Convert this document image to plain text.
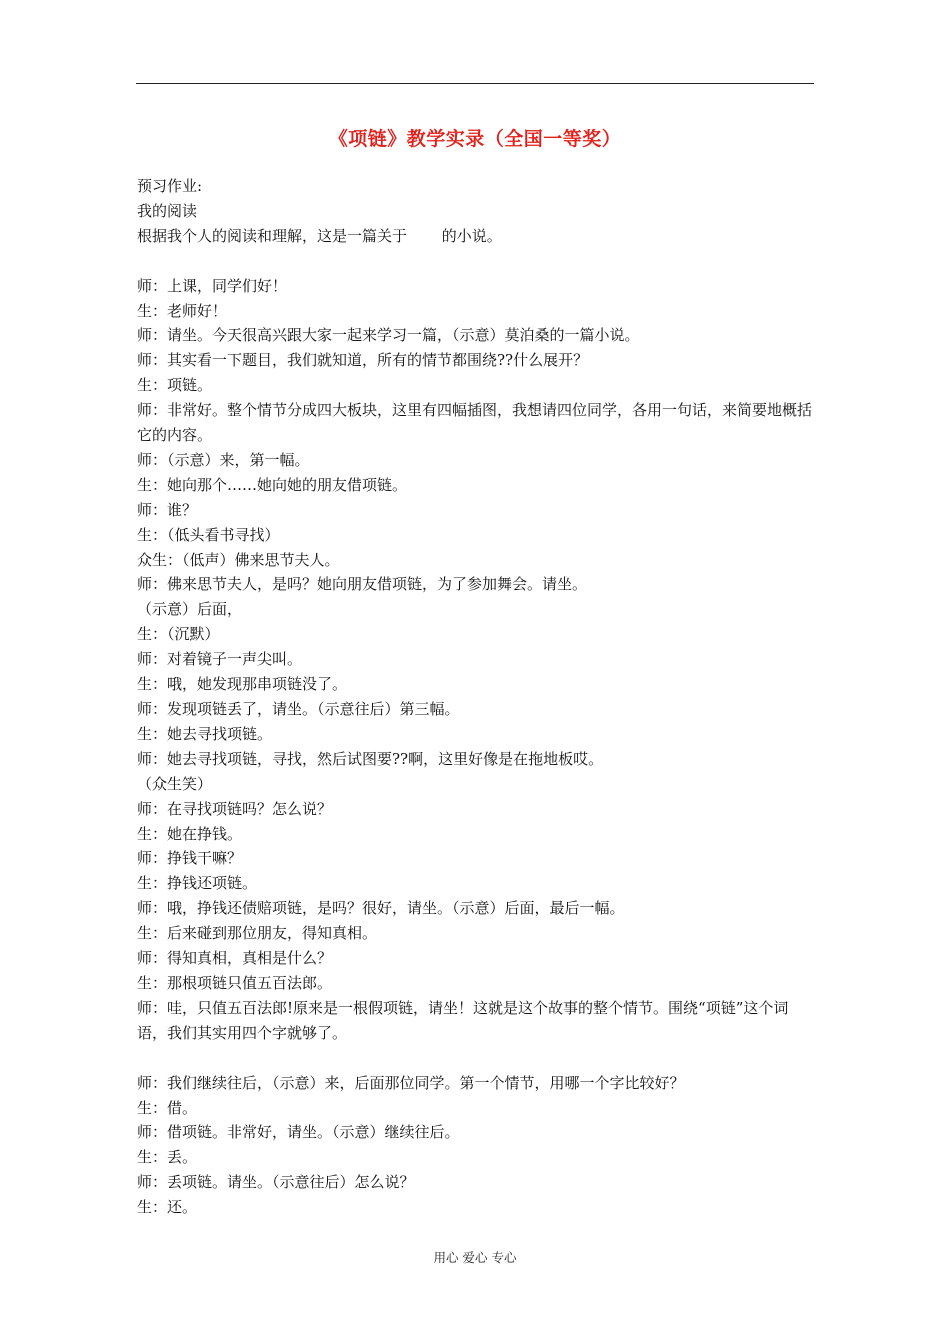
《项链》教学实录（全国一等奖）

预习作业:

我的阅读

根据我个人的阅读和理解，这是一篇关于　　 的小说。

师：上课，同学们好！

生：老师好！

师：请坐。今天很高兴跟大家一起来学习一篇，（示意）莫泊桑的一篇小说。

师：其实看一下题目，我们就知道，所有的情节都围绕??什么展开？

生：项链。

师：非常好。整个情节分成四大板块，这里有四幅插图，我想请四位同学，各用一句话，来简要地概括它的内容。

师：（示意）来，第一幅。

生：她向那个……她向她的朋友借项链。

师：谁？

生：（低头看书寻找）

众生：（低声）佛来思节夫人。

师：佛来思节夫人，是吗？她向朋友借项链，为了参加舞会。请坐。

（示意）后面，

生：（沉默）

师：对着镜子一声尖叫。

生：哦，她发现那串项链没了。

师：发现项链丢了，请坐。（示意往后）第三幅。

生：她去寻找项链。

师：她去寻找项链，寻找，然后试图要??啊，这里好像是在拖地板哎。

（众生笑）

师：在寻找项链吗？怎么说？

生：她在挣钱。

师：挣钱干嘛？

生：挣钱还项链。

师：哦，挣钱还债赔项链，是吗？很好，请坐。（示意）后面，最后一幅。

生：后来碰到那位朋友，得知真相。

师：得知真相，真相是什么？

生：那根项链只值五百法郎。

师：哇，只值五百法郎!原来是一根假项链，请坐！这就是这个故事的整个情节。围绕“项链”这个词语，我们其实用四个字就够了。

师：我们继续往后，（示意）来，后面那位同学。第一个情节，用哪一个字比较好？

生：借。

师：借项链。非常好，请坐。（示意）继续往后。

生：丢。

师：丢项链。请坐。（示意往后）怎么说？

生：还。

用心 爱心 专心
